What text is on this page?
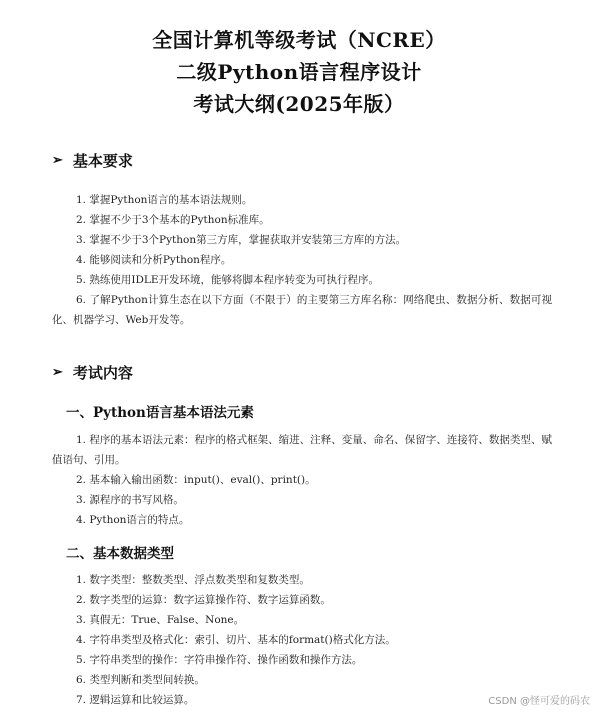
全国计算机等级考试（NCRE）
二级Python语言程序设计
考试大纲(2025年版）
➢ 基本要求
1. 掌握Python语言的基本语法规则。
2. 掌握不少于3个基本的Python标准库。
3. 掌握不少于3个Python第三方库，掌握获取并安装第三方库的方法。
4. 能够阅读和分析Python程序。
5. 熟练使用IDLE开发环境，能够将脚本程序转变为可执行程序。
6. 了解Python计算生态在以下方面（不限于）的主要第三方库名称：网络爬虫、数据分析、数据可视化、机器学习、Web开发等。
➢ 考试内容
一、Python语言基本语法元素
1. 程序的基本语法元素：程序的格式框架、缩进、注释、变量、命名、保留字、连接符、数据类型、赋值语句、引用。
2. 基本输入输出函数：input()、eval()、print()。
3. 源程序的书写风格。
4. Python语言的特点。
二、基本数据类型
1. 数字类型：整数类型、浮点数类型和复数类型。
2. 数字类型的运算：数字运算操作符、数字运算函数。
3. 真假无：True、False、None。
4. 字符串类型及格式化：索引、切片、基本的format()格式化方法。
5. 字符串类型的操作：字符串操作符、操作函数和操作方法。
6. 类型判断和类型间转换。
7. 逻辑运算和比较运算。	CSDN @怪可爱的码农
